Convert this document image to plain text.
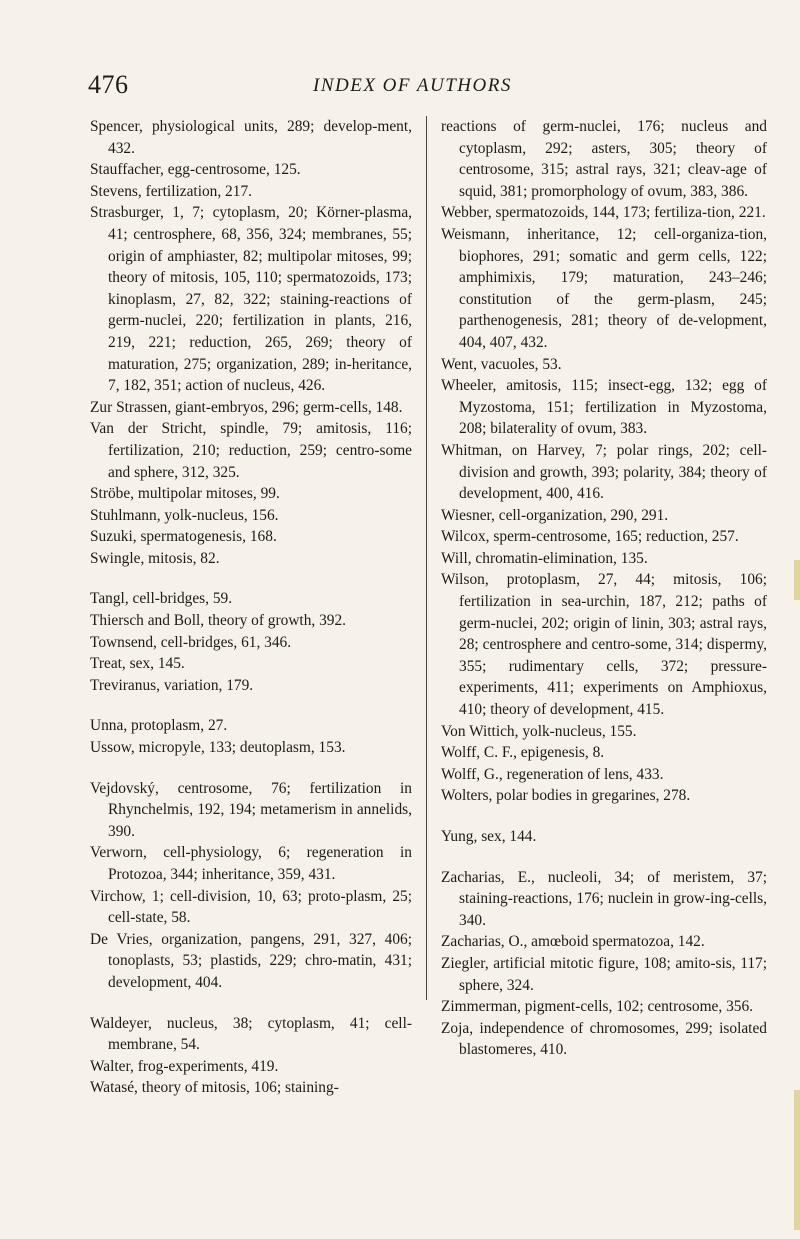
476	INDEX OF AUTHORS

Spencer, physiological units, 289; develop-ment, 432.

Stauffacher, egg-centrosome, 125.

Stevens, fertilization, 217.

Strasburger, 1, 7; cytoplasm, 20; Körner-plasma, 41; centrosphere, 68, 356, 324; membranes, 55; origin of amphiaster, 82; multipolar mitoses, 99; theory of mitosis, 105, 110; spermatozoids, 173; kinoplasm, 27, 82, 322; staining-reactions of germ-nuclei, 220; fertilization in plants, 216, 219, 221; reduction, 265, 269; theory of maturation, 275; organization, 289; in-heritance, 7, 182, 351; action of nucleus, 426.

Zur Strassen, giant-embryos, 296; germ-cells, 148.

Van der Stricht, spindle, 79; amitosis, 116; fertilization, 210; reduction, 259; centro-some and sphere, 312, 325.

Ströbe, multipolar mitoses, 99.

Stuhlmann, yolk-nucleus, 156.

Suzuki, spermatogenesis, 168.

Swingle, mitosis, 82.

Tangl, cell-bridges, 59.

Thiersch and Boll, theory of growth, 392.

Townsend, cell-bridges, 61, 346.

Treat, sex, 145.

Treviranus, variation, 179.

Unna, protoplasm, 27.

Ussow, micropyle, 133; deutoplasm, 153.

Vejdovský, centrosome, 76; fertilization in Rhynchelmis, 192, 194; metamerism in annelids, 390.

Verworn, cell-physiology, 6; regeneration in Protozoa, 344; inheritance, 359, 431.

Virchow, 1; cell-division, 10, 63; proto-plasm, 25; cell-state, 58.

De Vries, organization, pangens, 291, 327, 406; tonoplasts, 53; plastids, 229; chro-matin, 431; development, 404.

Waldeyer, nucleus, 38; cytoplasm, 41; cell-membrane, 54.

Walter, frog-experiments, 419.

Watasé, theory of mitosis, 106; staining-

reactions of germ-nuclei, 176; nucleus and cytoplasm, 292; asters, 305; theory of centrosome, 315; astral rays, 321; cleav-age of squid, 381; promorphology of ovum, 383, 386.

Webber, spermatozoids, 144, 173; fertiliza-tion, 221.

Weismann, inheritance, 12; cell-organiza-tion, biophores, 291; somatic and germ cells, 122; amphimixis, 179; maturation, 243–246; constitution of the germ-plasm, 245; parthenogenesis, 281; theory of de-velopment, 404, 407, 432.

Went, vacuoles, 53.

Wheeler, amitosis, 115; insect-egg, 132; egg of Myzostoma, 151; fertilization in Myzostoma, 208; bilaterality of ovum, 383.

Whitman, on Harvey, 7; polar rings, 202; cell-division and growth, 393; polarity, 384; theory of development, 400, 416.

Wiesner, cell-organization, 290, 291.

Wilcox, sperm-centrosome, 165; reduction, 257.

Will, chromatin-elimination, 135.

Wilson, protoplasm, 27, 44; mitosis, 106; fertilization in sea-urchin, 187, 212; paths of germ-nuclei, 202; origin of linin, 303; astral rays, 28; centrosphere and centro-some, 314; dispermy, 355; rudimentary cells, 372; pressure-experiments, 411; experiments on Amphioxus, 410; theory of development, 415.

Von Wittich, yolk-nucleus, 155.

Wolff, C. F., epigenesis, 8.

Wolff, G., regeneration of lens, 433.

Wolters, polar bodies in gregarines, 278.

Yung, sex, 144.

Zacharias, E., nucleoli, 34; of meristem, 37; staining-reactions, 176; nuclein in grow-ing-cells, 340.

Zacharias, O., amœboid spermatozoa, 142.

Ziegler, artificial mitotic figure, 108; amito-sis, 117; sphere, 324.

Zimmerman, pigment-cells, 102; centrosome, 356.

Zoja, independence of chromosomes, 299; isolated blastomeres, 410.
